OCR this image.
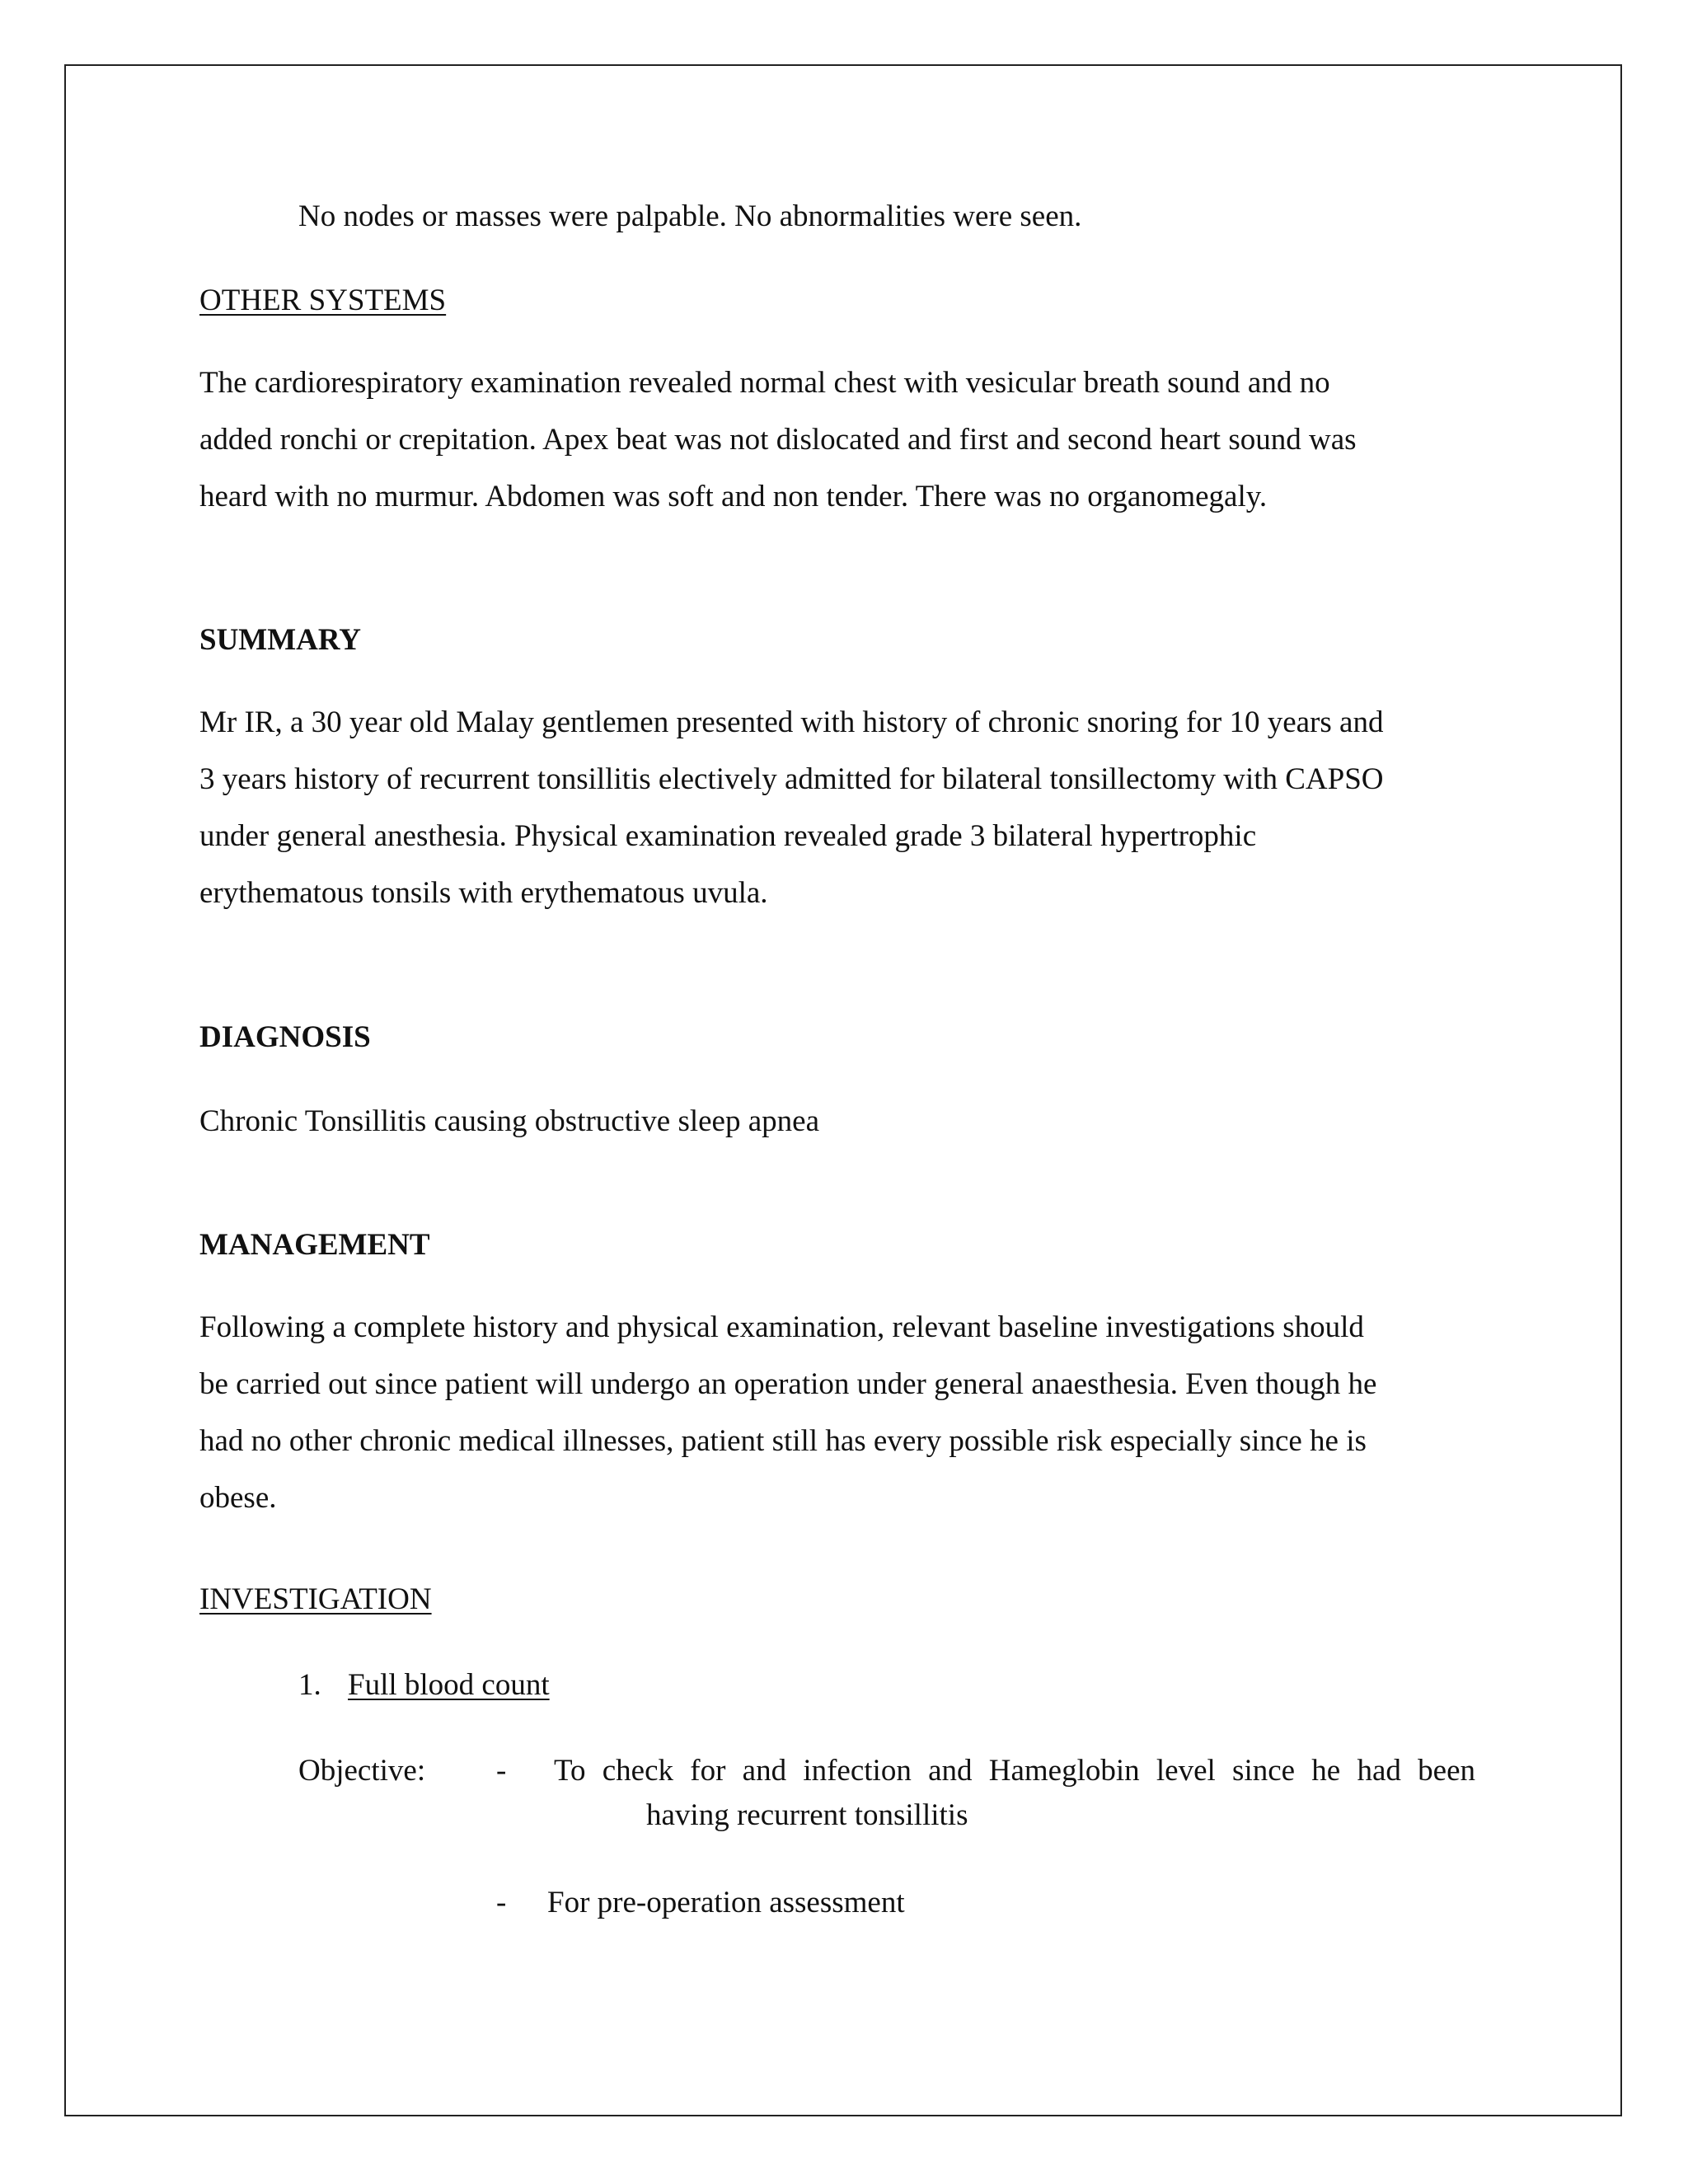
No nodes or masses were palpable. No abnormalities were seen.
OTHER SYSTEMS
The cardiorespiratory examination revealed normal chest with vesicular breath sound and no
added ronchi or crepitation. Apex beat was not dislocated and first and second heart sound was
heard with no murmur. Abdomen was soft and non tender. There was no organomegaly.
SUMMARY
Mr IR, a 30 year old Malay gentlemen presented with history of chronic snoring for 10 years and
3 years history of recurrent tonsillitis electively admitted for bilateral tonsillectomy with CAPSO
under general anesthesia. Physical examination revealed grade 3 bilateral hypertrophic
erythematous tonsils with erythematous uvula.
DIAGNOSIS
Chronic Tonsillitis causing obstructive sleep apnea
MANAGEMENT
Following a complete history and physical examination, relevant baseline investigations should
be carried out since patient will undergo an operation under general anaesthesia. Even though he
had no other chronic medical illnesses, patient still has every possible risk especially since he is
obese.
INVESTIGATION
1. Full blood count
Objective: - To check for and infection and Hameglobin level since he had been
having recurrent tonsillitis
- For pre-operation assessment
